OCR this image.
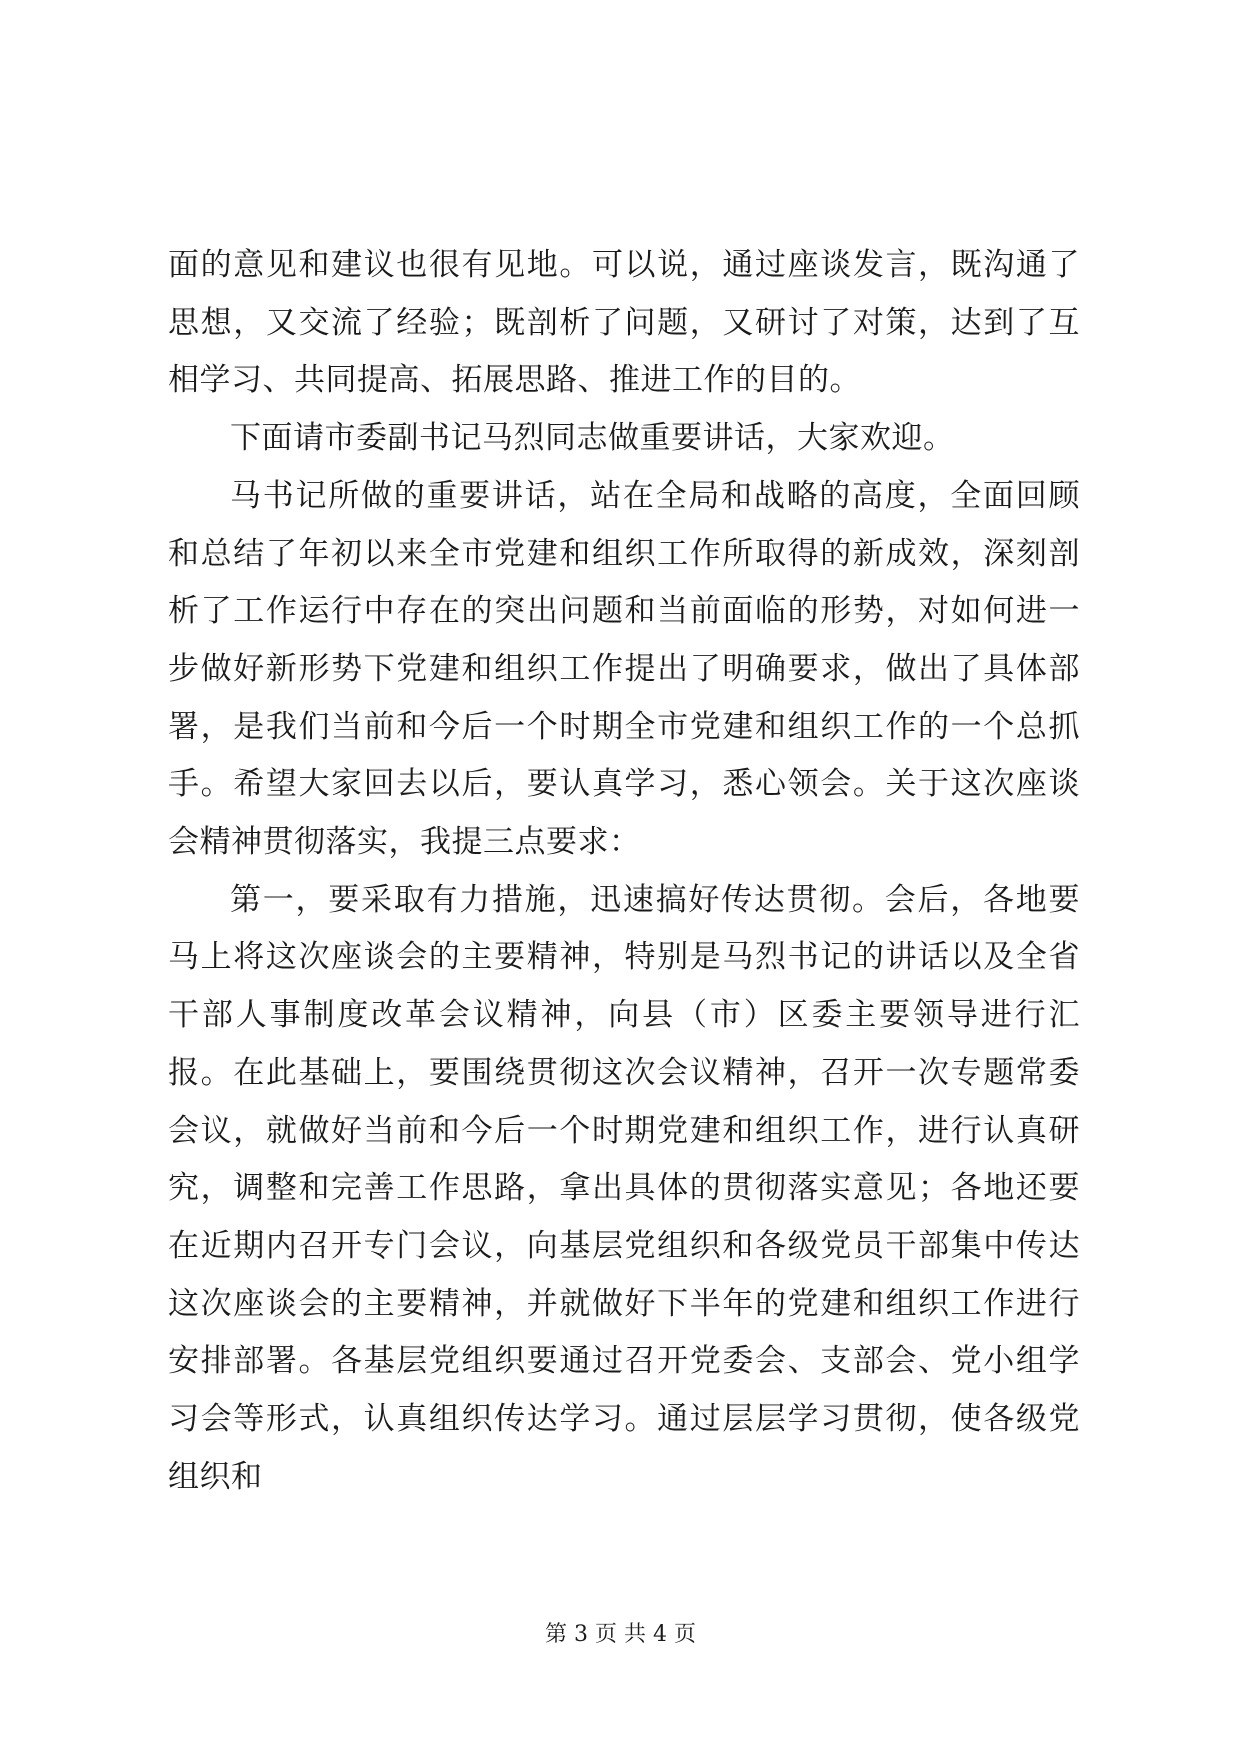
面的意见和建议也很有见地。可以说，通过座谈发言，既沟通了思想，又交流了经验；既剖析了问题，又研讨了对策，达到了互相学习、共同提高、拓展思路、推进工作的目的。

下面请市委副书记马烈同志做重要讲话，大家欢迎。

马书记所做的重要讲话，站在全局和战略的高度，全面回顾和总结了年初以来全市党建和组织工作所取得的新成效，深刻剖析了工作运行中存在的突出问题和当前面临的形势，对如何进一步做好新形势下党建和组织工作提出了明确要求，做出了具体部署，是我们当前和今后一个时期全市党建和组织工作的一个总抓手。希望大家回去以后，要认真学习，悉心领会。关于这次座谈会精神贯彻落实，我提三点要求：

第一，要采取有力措施，迅速搞好传达贯彻。会后，各地要马上将这次座谈会的主要精神，特别是马烈书记的讲话以及全省干部人事制度改革会议精神，向县（市）区委主要领导进行汇报。在此基础上，要围绕贯彻这次会议精神，召开一次专题常委会议，就做好当前和今后一个时期党建和组织工作，进行认真研究，调整和完善工作思路，拿出具体的贯彻落实意见；各地还要在近期内召开专门会议，向基层党组织和各级党员干部集中传达这次座谈会的主要精神，并就做好下半年的党建和组织工作进行安排部署。各基层党组织要通过召开党委会、支部会、党小组学习会等形式，认真组织传达学习。通过层层学习贯彻，使各级党组织和

第 3 页 共 4 页
